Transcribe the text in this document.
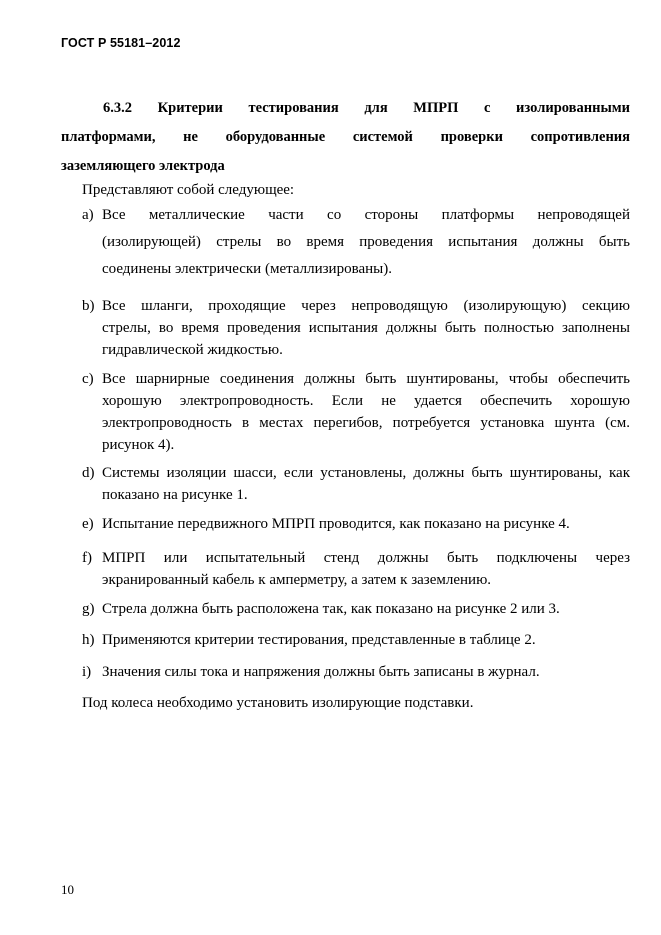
ГОСТ Р 55181–2012
6.3.2 Критерии тестирования для МПРП с изолированными
платформами, не оборудованные системой проверки сопротивления
заземляющего электрода
Представляют собой следующее:
a) Все металлические части со стороны платформы непроводящей
(изолирующей) стрелы во время проведения испытания должны быть
соединены электрически (металлизированы).
b) Все шланги, проходящие через непроводящую (изолирующую) секцию
стрелы, во время проведения испытания должны быть полностью заполнены
гидравлической жидкостью.
c) Все шарнирные соединения должны быть шунтированы, чтобы обеспечить
хорошую электропроводность. Если не удается обеспечить хорошую
электропроводность в местах перегибов, потребуется установка шунта (см.
рисунок 4).
d) Системы изоляции шасси, если установлены, должны быть шунтированы, как
показано на рисунке 1.
e) Испытание передвижного МПРП проводится, как показано на рисунке 4.
f) МПРП или испытательный стенд должны быть подключены через
экранированный кабель к амперметру, а затем к заземлению.
g) Стрела должна быть расположена так, как показано на рисунке 2 или 3.
h) Применяются критерии тестирования, представленные в таблице 2.
i) Значения силы тока и напряжения должны быть записаны в журнал.
Под колеса необходимо установить изолирующие подставки.
10
